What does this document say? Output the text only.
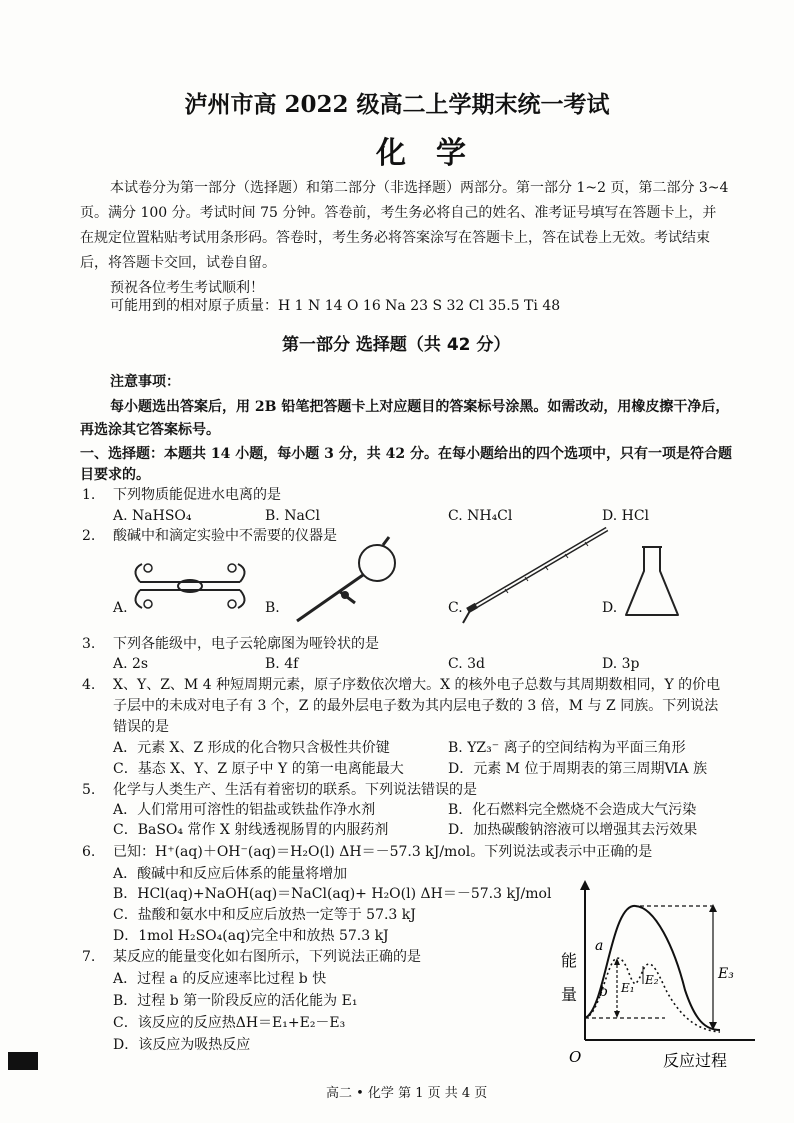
泸州市高 2022 级高二上学期末统一考试
化学
本试卷分为第一部分（选择题）和第二部分（非选择题）两部分。第一部分 1~2 页，第二部分 3~4
页。满分 100 分。考试时间 75 分钟。答卷前，考生务必将自己的姓名、准考证号填写在答题卡上，并
在规定位置粘贴考试用条形码。答卷时，考生务必将答案涂写在答题卡上，答在试卷上无效。考试结束
后，将答题卡交回，试卷自留。
预祝各位考生考试顺利！
可能用到的相对原子质量：H 1 N 14 O 16 Na 23 S 32 Cl 35.5 Ti 48
第一部分 选择题（共 42 分）
注意事项：
每小题选出答案后，用 2B 铅笔把答题卡上对应题目的答案标号涂黑。如需改动，用橡皮擦干净后，
再选涂其它答案标号。
一、选择题：本题共 14 小题，每小题 3 分，共 42 分。在每小题给出的四个选项中，只有一项是符合题
目要求的。
1. 下列物质能促进水电离的是
A. NaHSO₄	B. NaCl	C. NH₄Cl	D. HCl
2. 酸碱中和滴定实验中不需要的仪器是
A.	B.	C.	D.
3. 下列各能级中，电子云轮廓图为哑铃状的是
A. 2s	B. 4f	C. 3d	D. 3p
4. X、Y、Z、M 4 种短周期元素，原子序数依次增大。X 的核外电子总数与其周期数相同，Y 的价电
子层中的未成对电子有 3 个，Z 的最外层电子数为其内层电子数的 3 倍，M 与 Z 同族。下列说法
错误的是
A．元素 X、Z 形成的化合物只含极性共价键	B. YZ₃⁻ 离子的空间结构为平面三角形
C．基态 X、Y、Z 原子中 Y 的第一电离能最大	D．元素 M 位于周期表的第三周期ⅥA 族
5. 化学与人类生产、生活有着密切的联系。下列说法错误的是
A．人们常用可溶性的铝盐或铁盐作净水剂	B．化石燃料完全燃烧不会造成大气污染
C．BaSO₄ 常作 X 射线透视肠胃的内服药剂	D．加热碳酸钠溶液可以增强其去污效果
6. 已知：H⁺(aq)＋OH⁻(aq)＝H₂O(l) ΔH＝－57.3 kJ/mol。下列说法或表示中正确的是
A．酸碱中和反应后体系的能量将增加
B．HCl(aq)+NaOH(aq)＝NaCl(aq)+ H₂O(l) ΔH＝－57.3 kJ/mol
C．盐酸和氨水中和反应后放热一定等于 57.3 kJ
D．1mol H₂SO₄(aq)完全中和放热 57.3 kJ
7. 某反应的能量变化如右图所示，下列说法正确的是
A．过程 a 的反应速率比过程 b 快
B．过程 b 第一阶段反应的活化能为 E₁
C．该反应的反应热ΔH＝E₁+E₂－E₃
D．该反应为吸热反应
能
量
O	反应过程
a
b E₁
E₂	E₃
高二 • 化学 第 1 页 共 4 页
